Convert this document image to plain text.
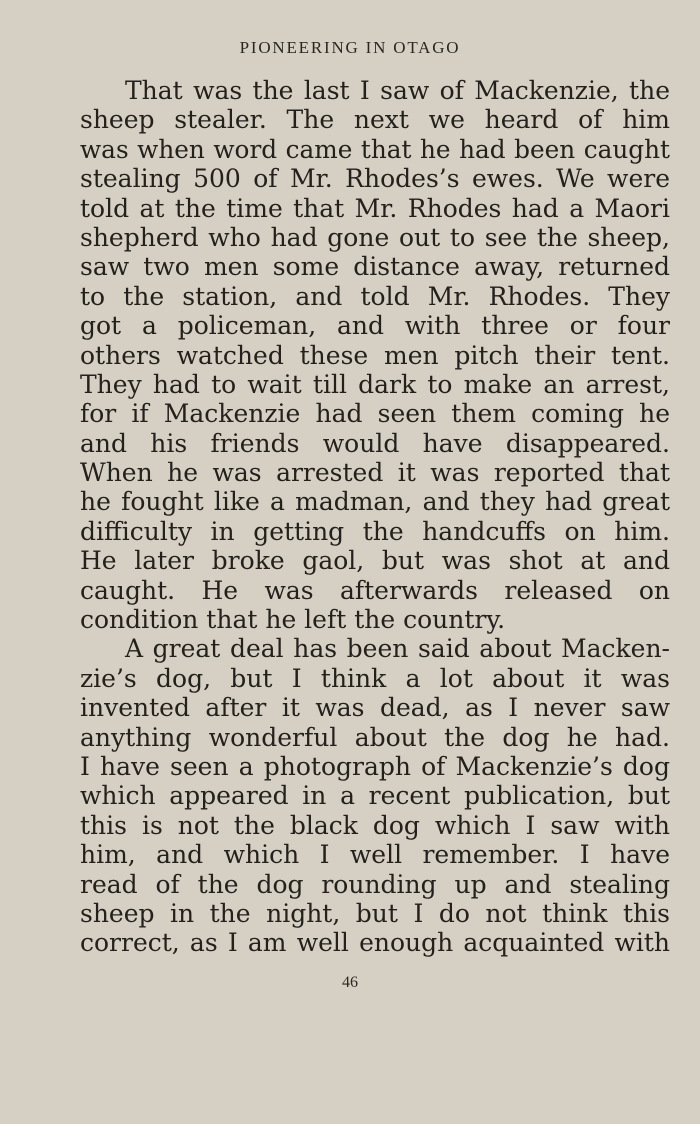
PIONEERING IN OTAGO
That was the last I saw of Mackenzie, the
sheep stealer. The next we heard of him
was when word came that he had been caught
stealing 500 of Mr. Rhodes’s ewes. We were
told at the time that Mr. Rhodes had a Maori
shepherd who had gone out to see the sheep,
saw two men some distance away, returned
to the station, and told Mr. Rhodes. They
got a policeman, and with three or four
others watched these men pitch their tent.
They had to wait till dark to make an arrest,
for if Mackenzie had seen them coming he
and his friends would have disappeared.
When he was arrested it was reported that
he fought like a madman, and they had great
difficulty in getting the handcuffs on him.
He later broke gaol, but was shot at and
caught. He was afterwards released on
condition that he left the country.
A great deal has been said about Macken-
zie’s dog, but I think a lot about it was
invented after it was dead, as I never saw
anything wonderful about the dog he had.
I have seen a photograph of Mackenzie’s dog
which appeared in a recent publication, but
this is not the black dog which I saw with
him, and which I well remember. I have
read of the dog rounding up and stealing
sheep in the night, but I do not think this
correct, as I am well enough acquainted with
46
